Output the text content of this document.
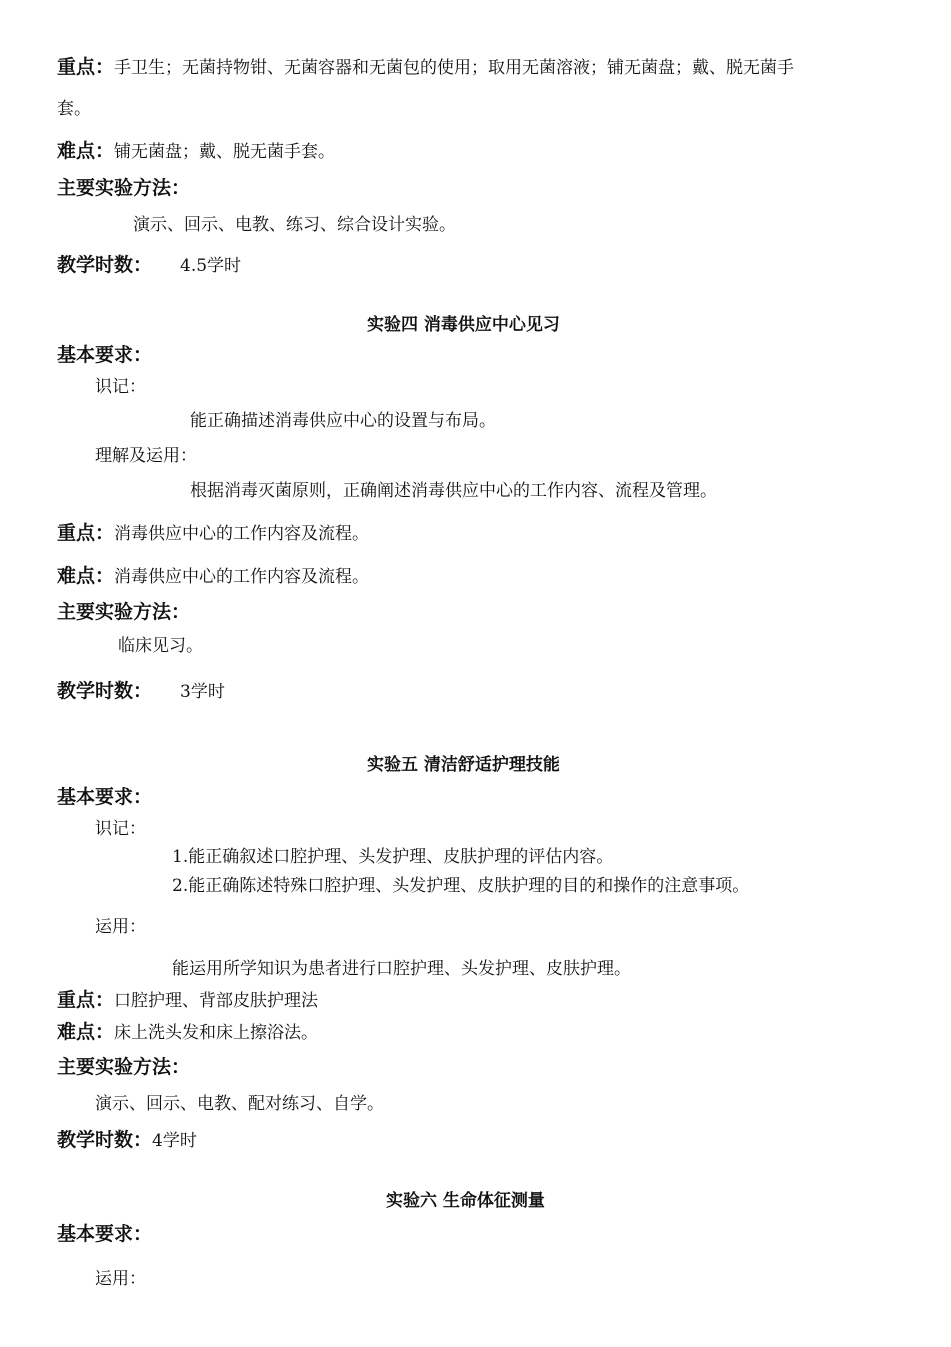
重点：手卫生；无菌持物钳、无菌容器和无菌包的使用；取用无菌溶液；铺无菌盘；戴、脱无菌手
套。
难点：铺无菌盘；戴、脱无菌手套。
主要实验方法：
演示、回示、电教、练习、综合设计实验。
教学时数： 4.5学时
实验四 消毒供应中心见习
基本要求：
识记：
能正确描述消毒供应中心的设置与布局。
理解及运用：
根据消毒灭菌原则，正确阐述消毒供应中心的工作内容、流程及管理。
重点：消毒供应中心的工作内容及流程。
难点：消毒供应中心的工作内容及流程。
主要实验方法：
临床见习。
教学时数： 3学时
实验五 清洁舒适护理技能
基本要求：
识记：
1.能正确叙述口腔护理、头发护理、皮肤护理的评估内容。
2.能正确陈述特殊口腔护理、头发护理、皮肤护理的目的和操作的注意事项。
运用：
能运用所学知识为患者进行口腔护理、头发护理、皮肤护理。
重点：口腔护理、背部皮肤护理法
难点：床上洗头发和床上擦浴法。
主要实验方法：
演示、回示、电教、配对练习、自学。
教学时数：4学时
实验六 生命体征测量
基本要求：
运用：
